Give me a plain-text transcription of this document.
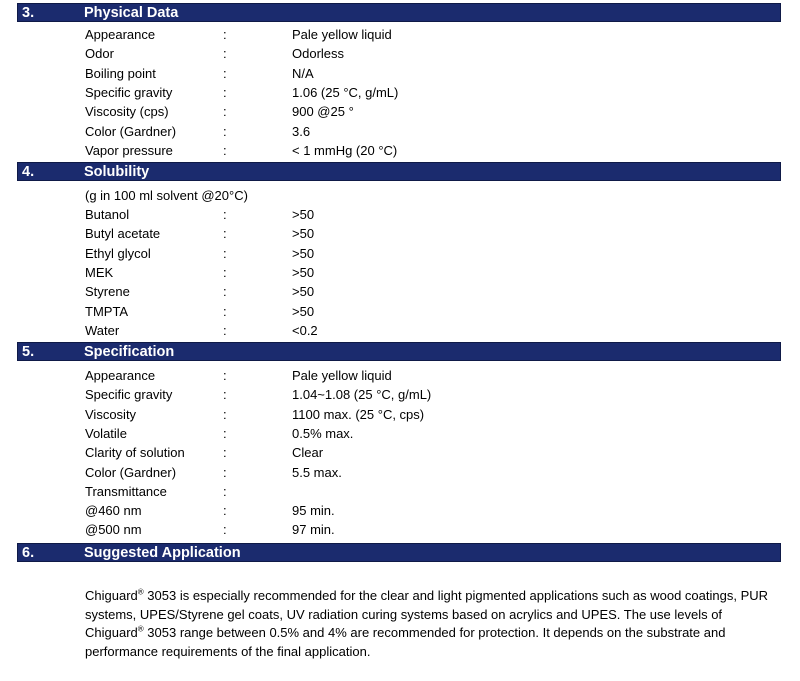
3.	Physical Data
Appearance	:	Pale yellow liquid
Odor	:	Odorless
Boiling point	:	N/A
Specific gravity	:	1.06 (25 °C, g/mL)
Viscosity (cps)	:	900 @25 °
Color (Gardner)	:	3.6
Vapor pressure	:	< 1 mmHg (20 °C)
4.	Solubility
(g in 100 ml solvent @20°C)
Butanol	:	>50
Butyl acetate	:	>50
Ethyl glycol	:	>50
MEK	:	>50
Styrene	:	>50
TMPTA	:	>50
Water	:	<0.2
5.	Specification
Appearance	:	Pale yellow liquid
Specific gravity	:	1.04~1.08 (25 °C, g/mL)
Viscosity	:	1100 max. (25 °C, cps)
Volatile	:	0.5% max.
Clarity of solution	:	Clear
Color (Gardner)	:	5.5 max.
Transmittance	:
@460 nm	:	95 min.
@500 nm	:	97 min.
6.	Suggested Application
Chiguard® 3053 is especially recommended for the clear and light pigmented applications such as wood coatings, PUR systems, UPES/Styrene gel coats, UV radiation curing systems based on acrylics and UPES. The use levels of Chiguard® 3053 range between 0.5% and 4% are recommended for protection. It depends on the substrate and performance requirements of the final application.
